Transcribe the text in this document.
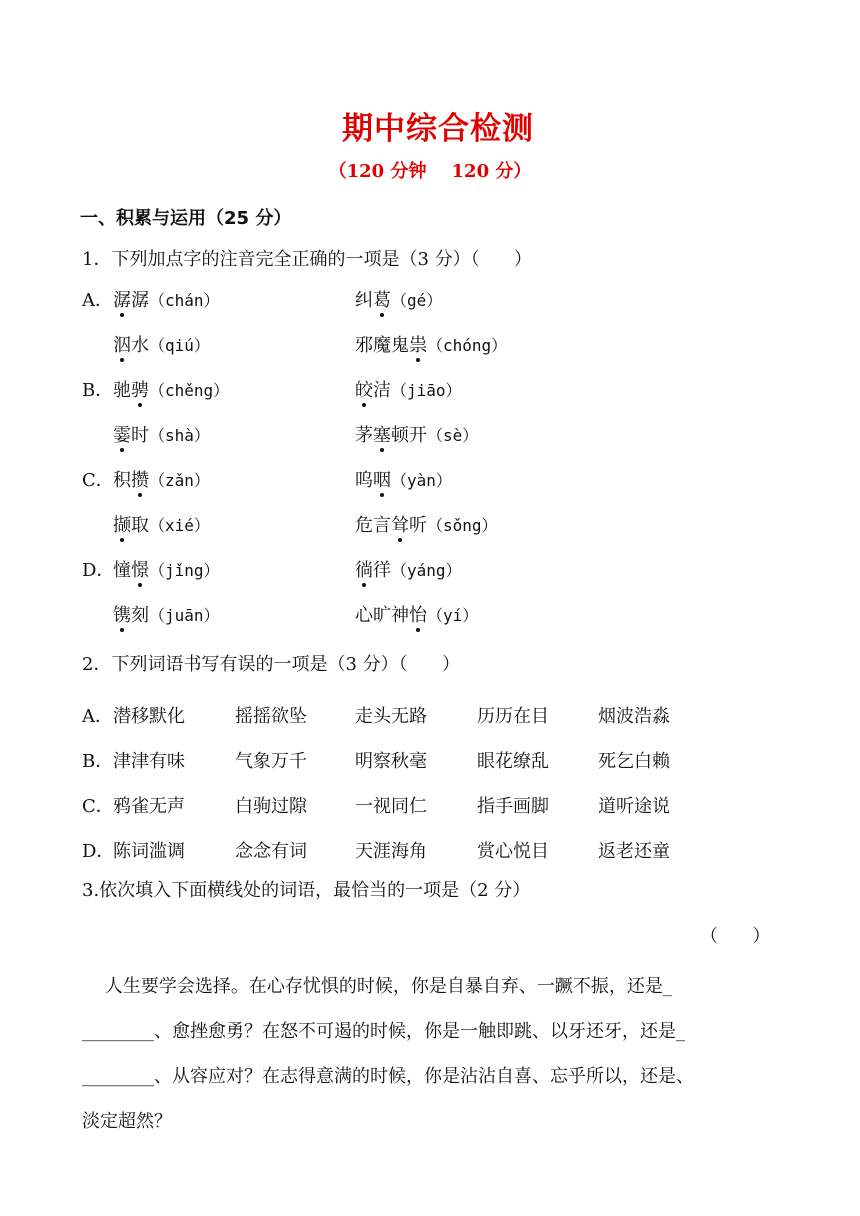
期中综合检测
（120 分钟    120 分）
一、积累与运用（25 分）
1．下列加点字的注音完全正确的一项是（3 分）（      ）
A． 潺潺（chán）	纠葛（gé）
泅水（qiú）	邪魔鬼祟（chóng）
B． 驰骋（chěng）	皎洁（jiāo）
霎时（shà）	茅塞顿开（sè）
C． 积攒（zǎn）	呜咽（yàn）
撷取（xié）	危言耸听（sǒng）
D．
憧憬（jǐng）	徜徉（yáng）
镌刻（juān）	心旷神怡（yí）
2．下列词语书写有误的一项是（3 分）（      ）
A． 潜移默化	摇摇欲坠	走头无路	历历在目	烟波浩淼
B． 津津有味	气象万千	明察秋毫	眼花缭乱	死乞白赖
C． 鸦雀无声	白驹过隙	一视同仁	指手画脚	道听途说
D．
陈词滥调	念念有词	天涯海角	赏心悦目	返老还童
3.依次填入下面横线处的词语，最恰当的一项是（2 分）
（      ）
人生要学会选择。在心存忧惧的时候，你是自暴自弃、一蹶不振，还是_
________、愈挫愈勇？在怒不可遏的时候，你是一触即跳、以牙还牙，还是_
________、从容应对？在志得意满的时候，你是沾沾自喜、忘乎所以，还是、
淡定超然？
